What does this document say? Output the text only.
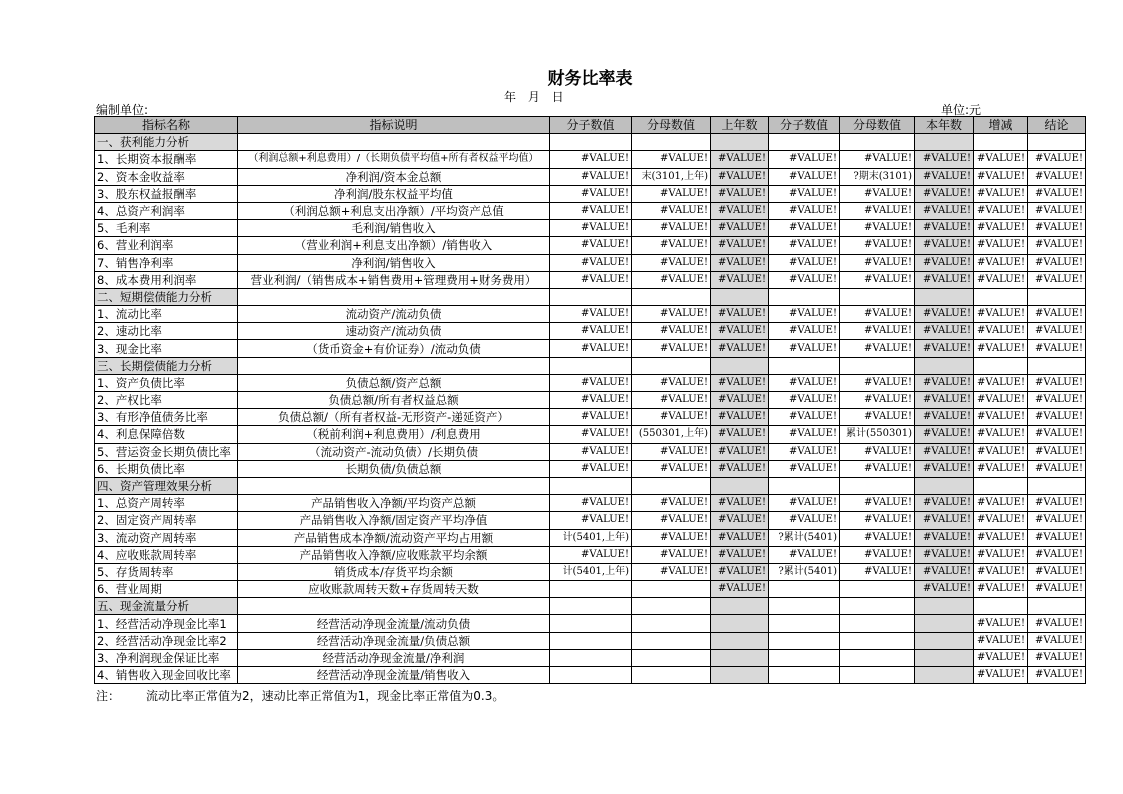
财务比率表
年 月 日
编制单位:	单位:元
指标名称	指标说明	分子数值	分母数值	上年数	分子数值	分母数值	本年数	增减	结论
一、获利能力分析									
1、长期资本报酬率	（利润总额+利息费用）/（长期负债平均值+所有者权益平均值）	#VALUE!	#VALUE!	#VALUE!	#VALUE!	#VALUE!	#VALUE!	#VALUE!	#VALUE!
2、资本金收益率	净利润/资本金总额	#VALUE!	末(3101,上年)	#VALUE!	#VALUE!	?期末(3101)	#VALUE!	#VALUE!	#VALUE!
3、股东权益报酬率	净利润/股东权益平均值	#VALUE!	#VALUE!	#VALUE!	#VALUE!	#VALUE!	#VALUE!	#VALUE!	#VALUE!
4、总资产利润率	（利润总额+利息支出净额）/平均资产总值	#VALUE!	#VALUE!	#VALUE!	#VALUE!	#VALUE!	#VALUE!	#VALUE!	#VALUE!
5、毛利率	毛利润/销售收入	#VALUE!	#VALUE!	#VALUE!	#VALUE!	#VALUE!	#VALUE!	#VALUE!	#VALUE!
6、营业利润率	（营业利润+利息支出净额）/销售收入	#VALUE!	#VALUE!	#VALUE!	#VALUE!	#VALUE!	#VALUE!	#VALUE!	#VALUE!
7、销售净利率	净利润/销售收入	#VALUE!	#VALUE!	#VALUE!	#VALUE!	#VALUE!	#VALUE!	#VALUE!	#VALUE!
8、成本费用利润率	营业利润/（销售成本+销售费用+管理费用+财务费用）	#VALUE!	#VALUE!	#VALUE!	#VALUE!	#VALUE!	#VALUE!	#VALUE!	#VALUE!
二、短期偿债能力分析									
1、流动比率	流动资产/流动负债	#VALUE!	#VALUE!	#VALUE!	#VALUE!	#VALUE!	#VALUE!	#VALUE!	#VALUE!
2、速动比率	速动资产/流动负债	#VALUE!	#VALUE!	#VALUE!	#VALUE!	#VALUE!	#VALUE!	#VALUE!	#VALUE!
3、现金比率	（货币资金+有价证券）/流动负债	#VALUE!	#VALUE!	#VALUE!	#VALUE!	#VALUE!	#VALUE!	#VALUE!	#VALUE!
三、长期偿债能力分析									
1、资产负债比率	负债总额/资产总额	#VALUE!	#VALUE!	#VALUE!	#VALUE!	#VALUE!	#VALUE!	#VALUE!	#VALUE!
2、产权比率	负债总额/所有者权益总额	#VALUE!	#VALUE!	#VALUE!	#VALUE!	#VALUE!	#VALUE!	#VALUE!	#VALUE!
3、有形净值债务比率	负债总额/（所有者权益-无形资产-递延资产）	#VALUE!	#VALUE!	#VALUE!	#VALUE!	#VALUE!	#VALUE!	#VALUE!	#VALUE!
4、利息保障倍数	（税前利润+利息费用）/利息费用	#VALUE!	(550301,上年)	#VALUE!	#VALUE!	累计(550301)	#VALUE!	#VALUE!	#VALUE!
5、营运资金长期负债比率	（流动资产-流动负债）/长期负债	#VALUE!	#VALUE!	#VALUE!	#VALUE!	#VALUE!	#VALUE!	#VALUE!	#VALUE!
6、长期负债比率	长期负债/负债总额	#VALUE!	#VALUE!	#VALUE!	#VALUE!	#VALUE!	#VALUE!	#VALUE!	#VALUE!
四、资产管理效果分析									
1、总资产周转率	产品销售收入净额/平均资产总额	#VALUE!	#VALUE!	#VALUE!	#VALUE!	#VALUE!	#VALUE!	#VALUE!	#VALUE!
2、固定资产周转率	产品销售收入净额/固定资产平均净值	#VALUE!	#VALUE!	#VALUE!	#VALUE!	#VALUE!	#VALUE!	#VALUE!	#VALUE!
3、流动资产周转率	产品销售成本净额/流动资产平均占用额	计(5401,上年)	#VALUE!	#VALUE!	?累计(5401)	#VALUE!	#VALUE!	#VALUE!	#VALUE!
4、应收账款周转率	产品销售收入净额/应收账款平均余额	#VALUE!	#VALUE!	#VALUE!	#VALUE!	#VALUE!	#VALUE!	#VALUE!	#VALUE!
5、存货周转率	销货成本/存货平均余额	计(5401,上年)	#VALUE!	#VALUE!	?累计(5401)	#VALUE!	#VALUE!	#VALUE!	#VALUE!
6、营业周期	应收账款周转天数+存货周转天数			#VALUE!			#VALUE!	#VALUE!	#VALUE!
五、现金流量分析									
1、经营活动净现金比率1	经营活动净现金流量/流动负债							#VALUE!	#VALUE!
2、经营活动净现金比率2	经营活动净现金流量/负债总额							#VALUE!	#VALUE!
3、净利润现金保证比率	经营活动净现金流量/净利润							#VALUE!	#VALUE!
4、销售收入现金回收比率	经营活动净现金流量/销售收入							#VALUE!	#VALUE!
注： 流动比率正常值为2，速动比率正常值为1，现金比率正常值为0.3。
